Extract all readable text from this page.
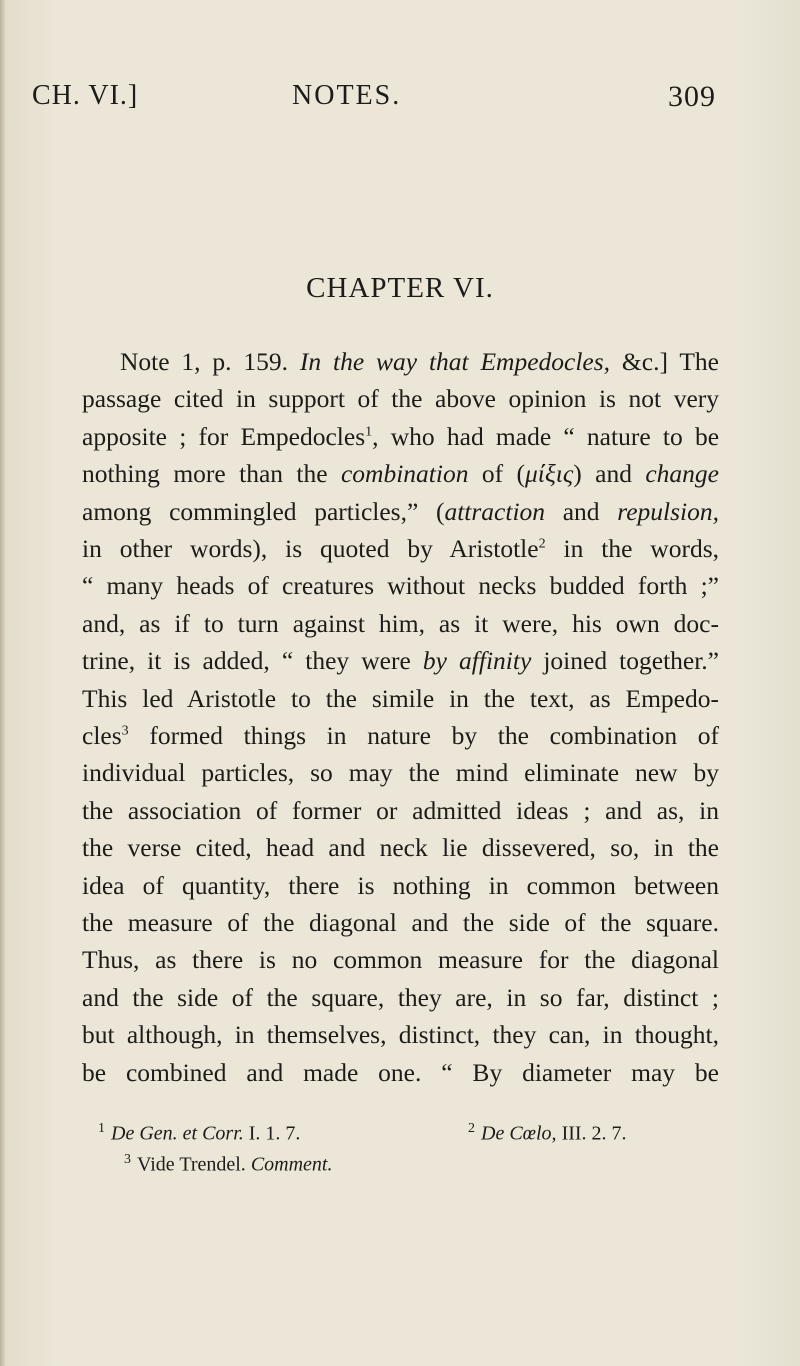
CH. VI.]	NOTES.	309
CHAPTER VI.
Note 1, p. 159. In the way that Empedocles, &c.] The
passage cited in support of the above opinion is not very
apposite ; for Empedocles$^1$, who had made “ nature to be
nothing more than the combination of (μίξις) and change
among commingled particles,” (attraction and repulsion,
in other words), is quoted by Aristotle$^2$ in the words,
“ many heads of creatures without necks budded forth ;”
and, as if to turn against him, as it were, his own doc-
trine, it is added, “ they were by affinity joined together.”
This led Aristotle to the simile in the text, as Empedo-
cles$^3$ formed things in nature by the combination of
individual particles, so may the mind eliminate new by
the association of former or admitted ideas ; and as, in
the verse cited, head and neck lie dissevered, so, in the
idea of quantity, there is nothing in common between
the measure of the diagonal and the side of the square.
Thus, as there is no common measure for the diagonal
and the side of the square, they are, in so far, distinct ;
but although, in themselves, distinct, they can, in thought,
be combined and made one. “ By diameter may be
$^1$ De Gen. et Corr. I. 1. 7.	$^2$ De Cœlo, III. 2. 7.
$^3$ Vide Trendel. Comment.
